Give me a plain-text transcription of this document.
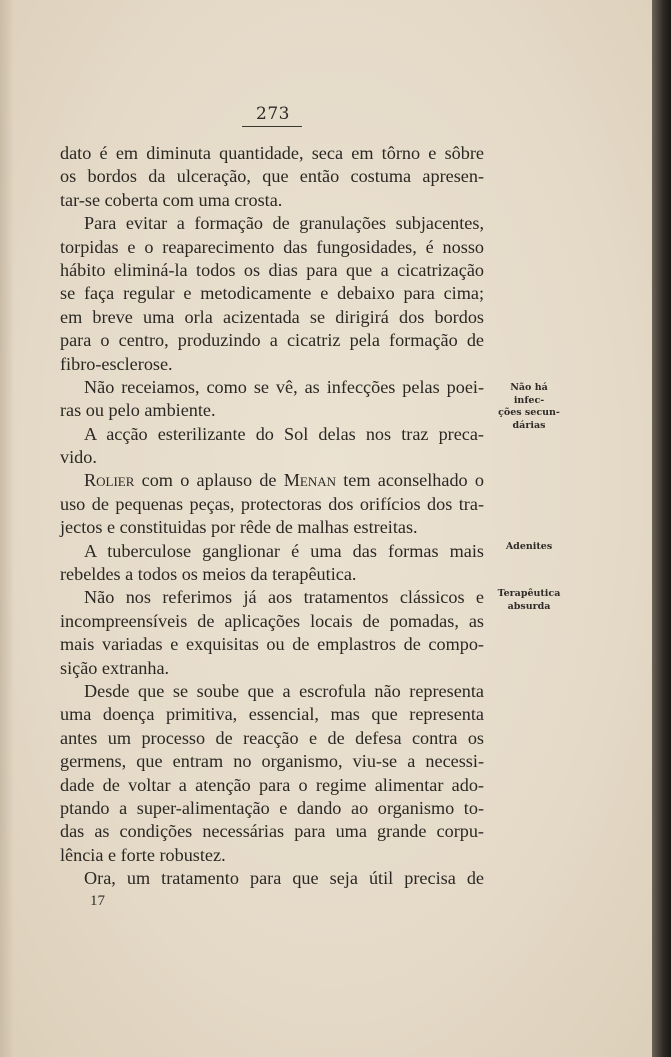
273
dato é em diminuta quantidade, seca em tôrno e sôbre
os bordos da ulceração, que então costuma apresen-
tar-se coberta com uma crosta.
Para evitar a formação de granulações subjacentes,
torpidas e o reaparecimento das fungosidades, é nosso
hábito eliminá-la todos os dias para que a cicatrização
se faça regular e metodicamente e debaixo para cima;
em breve uma orla acizentada se dirigirá dos bordos
para o centro, produzindo a cicatriz pela formação de
fibro-esclerose.
Não receiamos, como se vê, as infecções pelas poei-
ras ou pelo ambiente.
A acção esterilizante do Sol delas nos traz preca-
vido.
Rolier com o aplauso de Menan tem aconselhado o
uso de pequenas peças, protectoras dos orifícios dos tra-
jectos e constituidas por rêde de malhas estreitas.
A tuberculose ganglionar é uma das formas mais
rebeldes a todos os meios da terapêutica.
Não nos referimos já aos tratamentos clássicos e
incompreensíveis de aplicações locais de pomadas, as
mais variadas e exquisitas ou de emplastros de compo-
sição extranha.
Desde que se soube que a escrofula não representa
uma doença primitiva, essencial, mas que representa
antes um processo de reacção e de defesa contra os
germens, que entram no organismo, viu-se a necessi-
dade de voltar a atenção para o regime alimentar ado-
ptando a super-alimentação e dando ao organismo to-
das as condições necessárias para uma grande corpu-
lência e forte robustez.
Ora, um tratamento para que seja útil precisa de
Não há infec-
ções secun-
dárias
Adenites
Terapêutica
absurda
17
